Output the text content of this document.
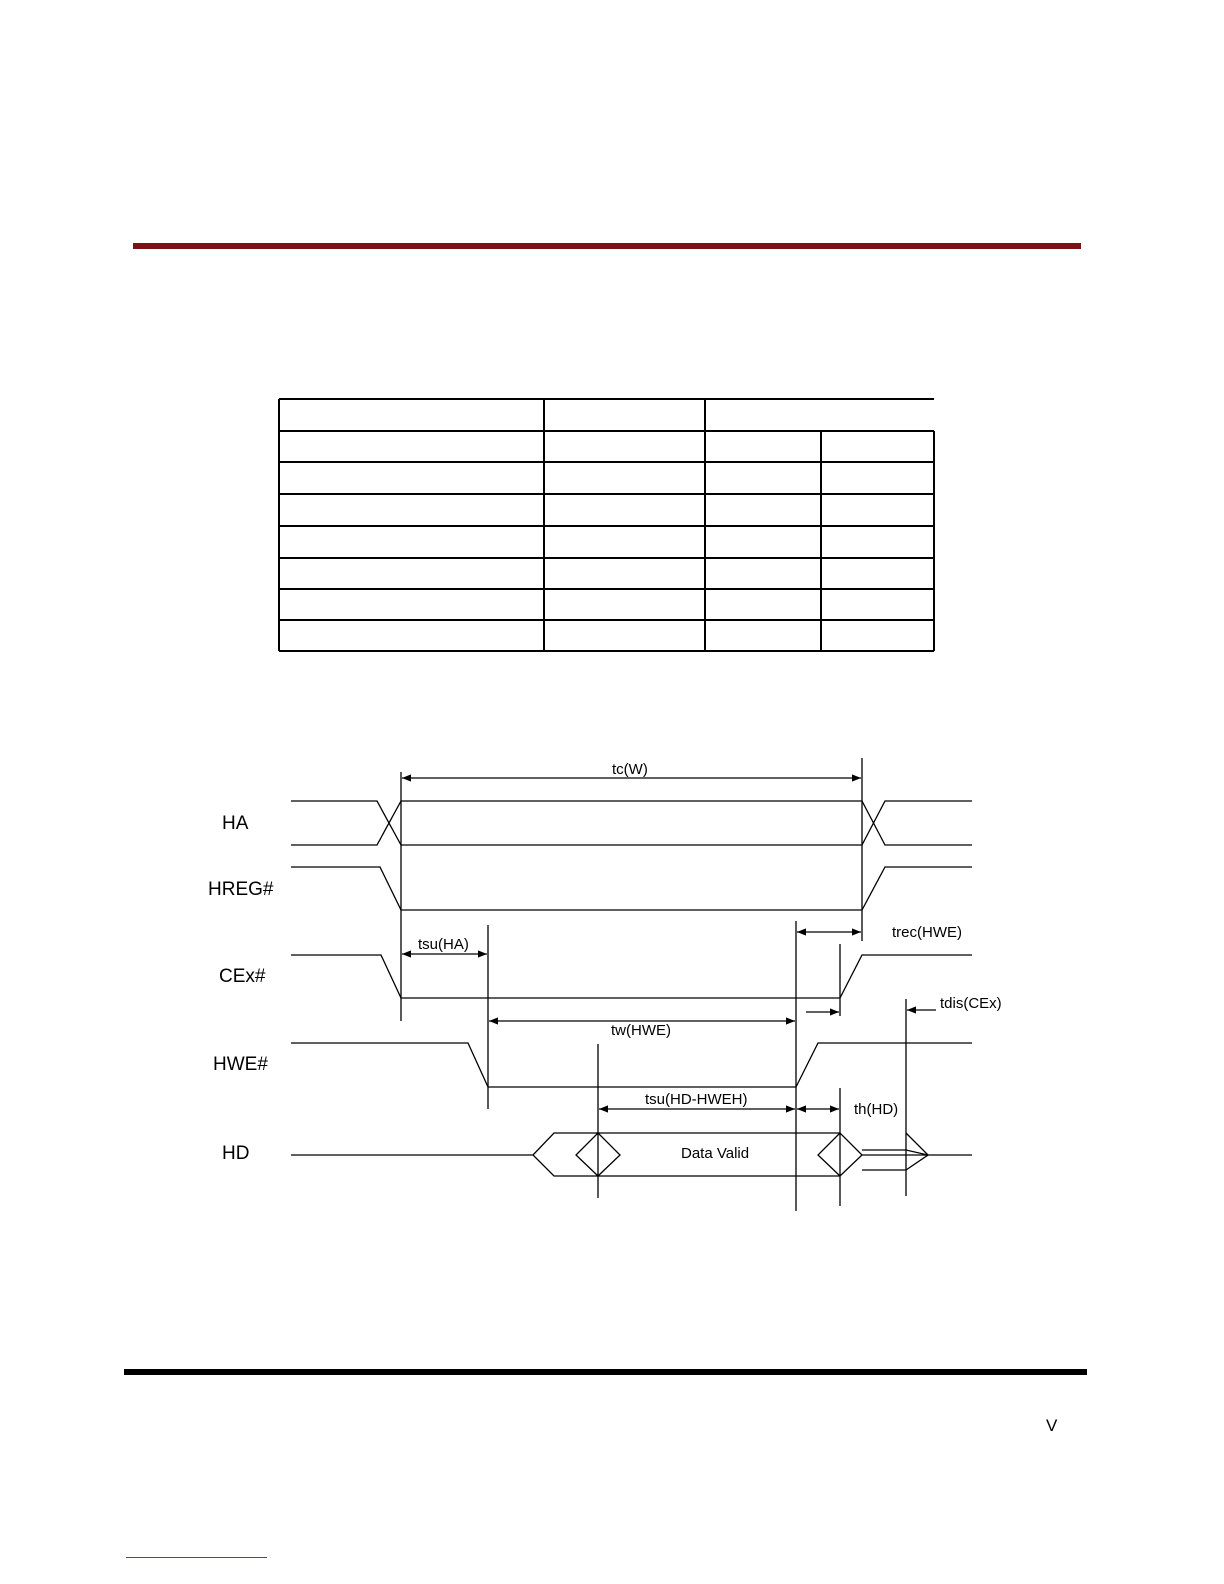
HA
HREG#
CEx#
HWE#
HD
tc(W)
trec(HWE)
tsu(HA)
tdis(CEx)
tw(HWE)
tsu(HD-HWEH)
th(HD)
Data Valid
V
